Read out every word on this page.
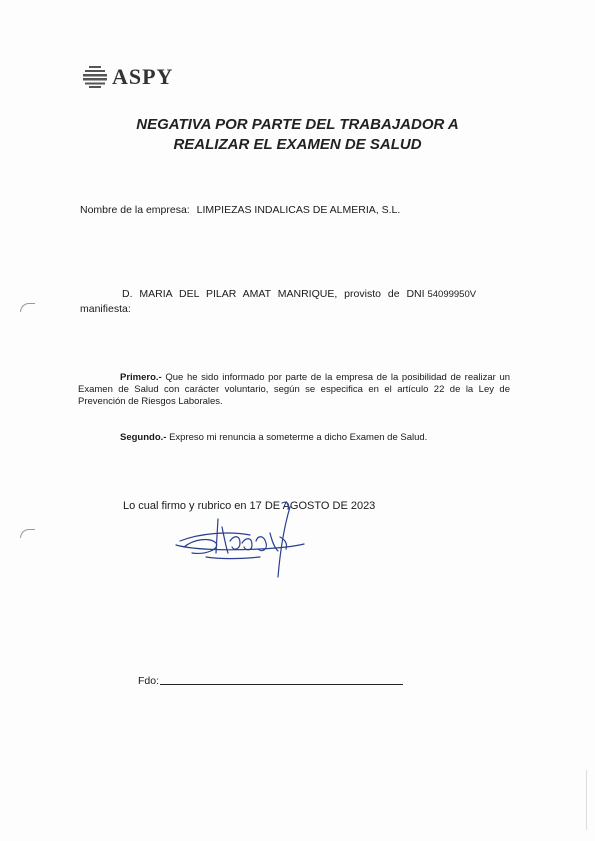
ASPY
NEGATIVA POR PARTE DEL TRABAJADOR A
REALIZAR EL EXAMEN DE SALUD
Nombre de la empresa: LIMPIEZAS INDALICAS DE ALMERIA, S.L.
D. MARIA DEL PILAR AMAT MANRIQUE, provisto de DNI 54099950V
manifiesta:
Primero.- Que he sido informado por parte de la empresa de la posibilidad de realizar un Examen de Salud con carácter voluntario, según se especifica en el artículo 22 de la Ley de Prevención de Riesgos Laborales.
Segundo.- Expreso mi renuncia a someterme a dicho Examen de Salud.
Lo cual firmo y rubrico en 17 DE AGOSTO DE 2023
Fdo:
